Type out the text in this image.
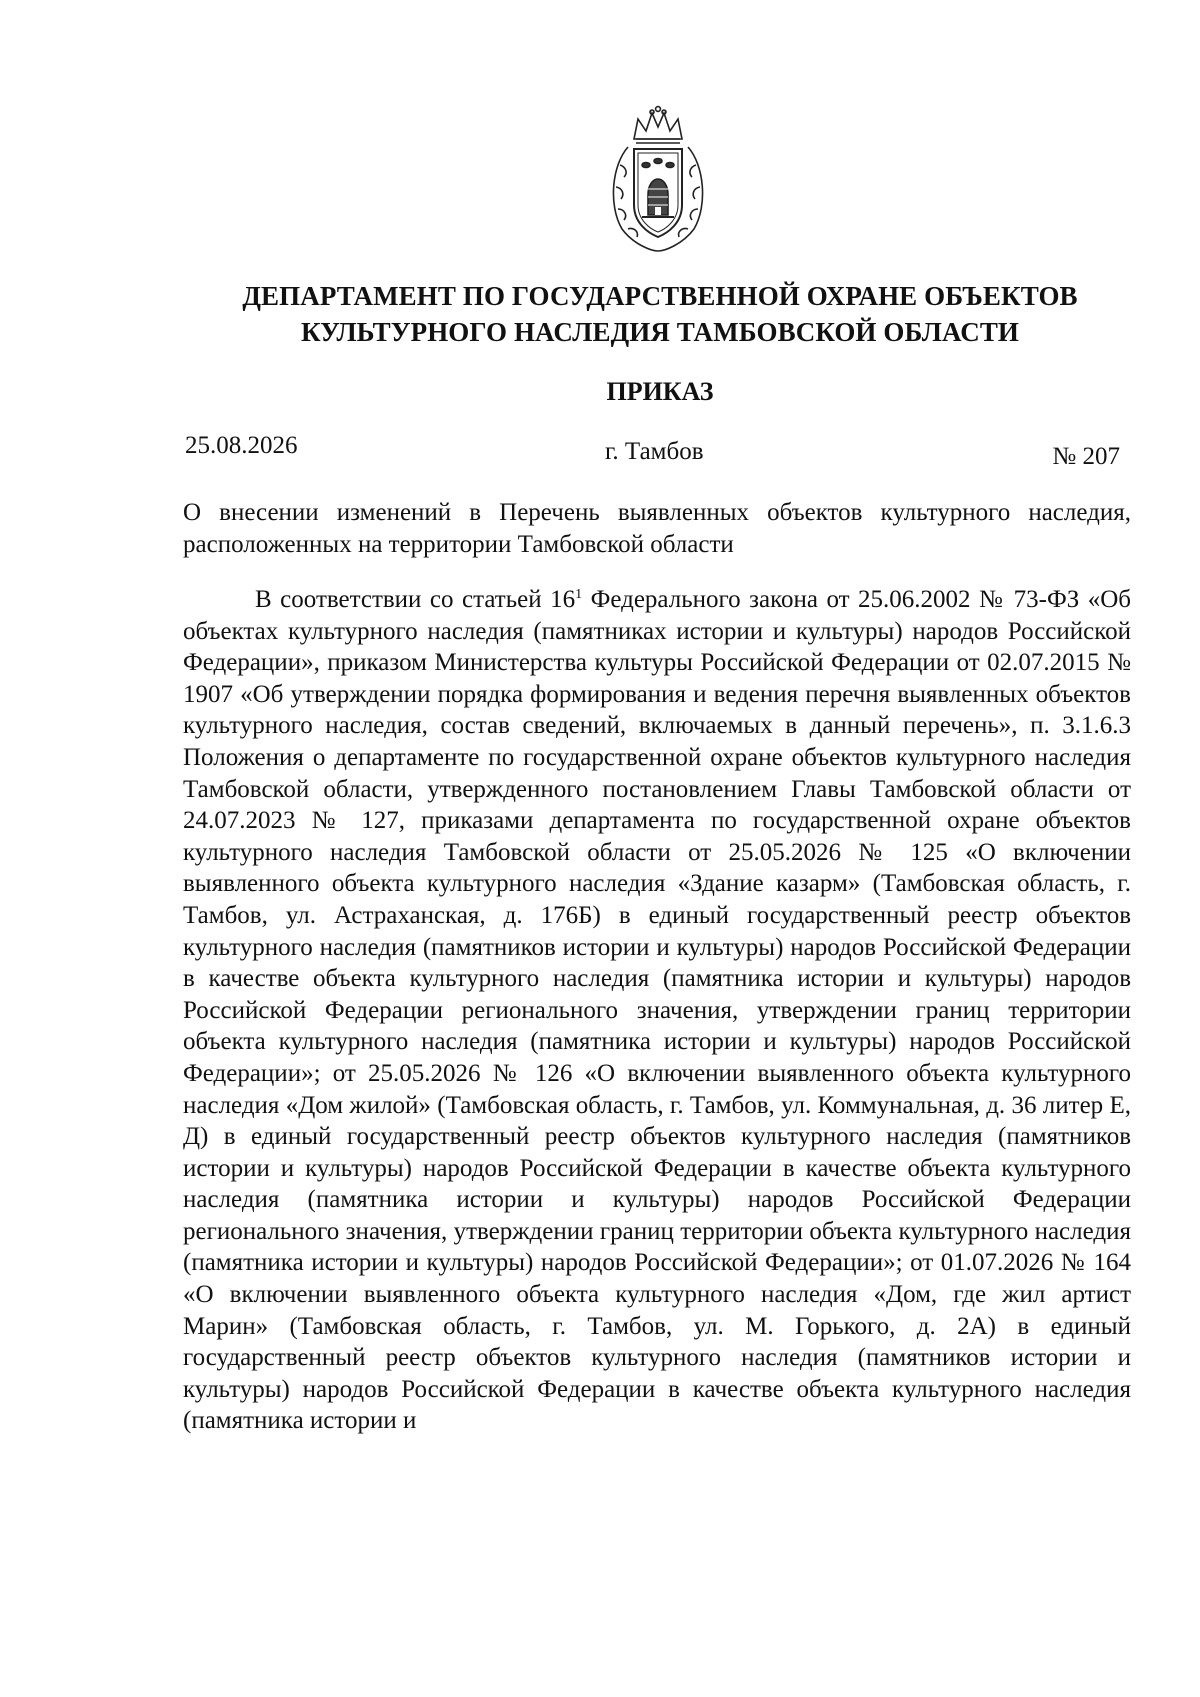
ДЕПАРТАМЕНТ ПО ГОСУДАРСТВЕННОЙ ОХРАНЕ ОБЪЕКТОВ
КУЛЬТУРНОГО НАСЛЕДИЯ ТАМБОВСКОЙ ОБЛАСТИ
ПРИКАЗ
25.08.2026	г. Тамбов	№ 207
О внесении изменений в Перечень выявленных объектов культурного наследия, расположенных на территории Тамбовской области
В соответствии со статьей $16^1$ Федерального закона от 25.06.2002 № 73-ФЗ «Об объектах культурного наследия (памятниках истории и культуры) народов Российской Федерации», приказом Министерства культуры Российской Федерации от 02.07.2015 № 1907 «Об утверждении порядка формирования и ведения перечня выявленных объектов культурного наследия, состав сведений, включаемых в данный перечень», п. 3.1.6.3 Положения о департаменте по государственной охране объектов культурного наследия Тамбовской области, утвержденного постановлением Главы Тамбовской области от 24.07.2023 № 127, приказами департамента по государственной охране объектов культурного наследия Тамбовской области от 25.05.2026 № 125 «О включении выявленного объекта культурного наследия «Здание казарм» (Тамбовская область, г. Тамбов, ул. Астраханская, д. 176Б) в единый государственный реестр объектов культурного наследия (памятников истории и культуры) народов Российской Федерации в качестве объекта культурного наследия (памятника истории и культуры) народов Российской Федерации регионального значения, утверждении границ территории объекта культурного наследия (памятника истории и культуры) народов Российской Федерации»; от 25.05.2026 № 126 «О включении выявленного объекта культурного наследия «Дом жилой» (Тамбовская область, г. Тамбов, ул. Коммунальная, д. 36 литер Е, Д) в единый государственный реестр объектов культурного наследия (памятников истории и культуры) народов Российской Федерации в качестве объекта культурного наследия (памятника истории и культуры) народов Российской Федерации регионального значения, утверждении границ территории объекта культурного наследия (памятника истории и культуры) народов Российской Федерации»; от 01.07.2026 № 164 «О включении выявленного объекта культурного наследия «Дом, где жил артист Марин» (Тамбовская область, г. Тамбов, ул. М. Горького, д. 2А) в единый государственный реестр объектов культурного наследия (памятников истории и культуры) народов Российской Федерации в качестве объекта культурного наследия (памятника истории и
